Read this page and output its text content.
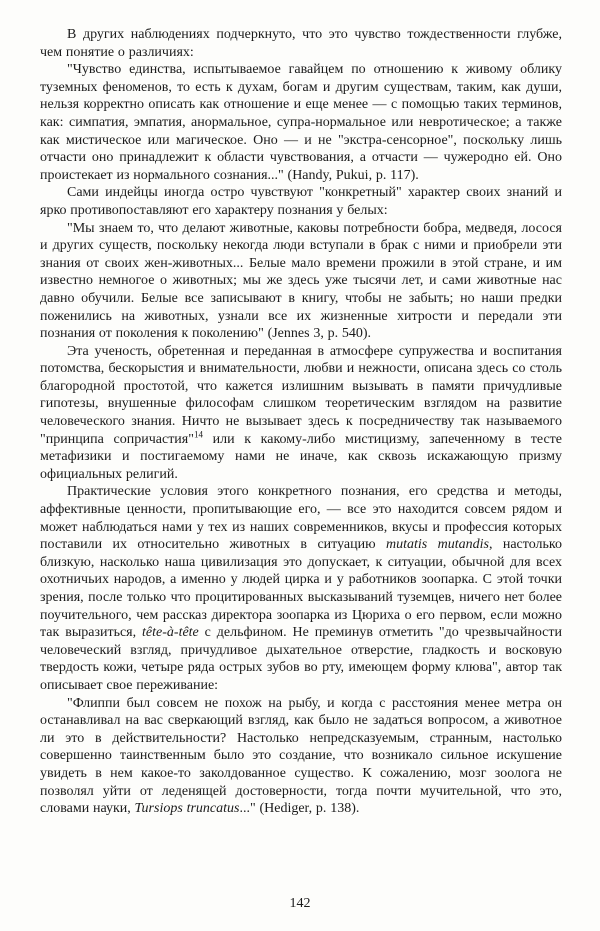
В других наблюдениях подчеркнуто, что это чувство тождественности глубже, чем понятие о различиях:

"Чувство единства, испытываемое гавайцем по отношению к живому облику туземных феноменов, то есть к духам, богам и другим существам, таким, как души, нельзя корректно описать как отношение и еще менее — с помощью таких терминов, как: симпатия, эмпатия, анормальное, супра-нормальное или невротическое; а также как мистическое или магическое. Оно — и не "экстра-сенсорное", поскольку лишь отчасти оно принадлежит к области чувствования, а отчасти — чужеродно ей. Оно проистекает из нормального сознания..." (Handy, Pukui, p. 117).

Сами индейцы иногда остро чувствуют "конкретный" характер своих знаний и ярко противопоставляют его характеру познания у белых:

"Мы знаем то, что делают животные, каковы потребности бобра, медведя, лосося и других существ, поскольку некогда люди вступали в брак с ними и приобрели эти знания от своих жен-животных... Белые мало времени прожили в этой стране, и им известно немногое о животных; мы же здесь уже тысячи лет, и сами животные нас давно обучили. Белые все записывают в книгу, чтобы не забыть; но наши предки поженились на животных, узнали все их жизненные хитрости и передали эти познания от поколения к поколению" (Jennes 3, p. 540).

Эта ученость, обретенная и переданная в атмосфере супружества и воспитания потомства, бескорыстия и внимательности, любви и нежности, описана здесь со столь благородной простотой, что кажется излишним вызывать в памяти причудливые гипотезы, внушенные философам слишком теоретическим взглядом на развитие человеческого знания. Ничто не вызывает здесь к посредничеству так называемого "принципа сопричастия"$^{14}$ или к какому-либо мистицизму, запеченному в тесте метафизики и постигаемому нами не иначе, как сквозь искажающую призму официальных религий.

Практические условия этого конкретного познания, его средства и методы, аффективные ценности, пропитывающие его, — все это находится совсем рядом и может наблюдаться нами у тех из наших современников, вкусы и профессия которых поставили их относительно животных в ситуацию mutatis mutandis, настолько близкую, насколько наша цивилизация это допускает, к ситуации, обычной для всех охотничьих народов, а именно у людей цирка и у работников зоопарка. С этой точки зрения, после только что процитированных высказываний туземцев, ничего нет более поучительного, чем рассказ директора зоопарка из Цюриха о его первом, если можно так выразиться, tête-à-tête с дельфином. Не преминув отметить "до чрезвычайности человеческий взгляд, причудливое дыхательное отверстие, гладкость и восковую твердость кожи, четыре ряда острых зубов во рту, имеющем форму клюва", автор так описывает свое переживание:

"Флиппи был совсем не похож на рыбу, и когда с расстояния менее метра он останавливал на вас сверкающий взгляд, как было не задаться вопросом, а животное ли это в действительности? Настолько непредсказуемым, странным, настолько совершенно таинственным было это создание, что возникало сильное искушение увидеть в нем какое-то заколдованное существо. К сожалению, мозг зоолога не позволял уйти от леденящей достоверности, тогда почти мучительной, что это, словами науки, Tursiops truncatus..." (Hediger, p. 138).

142
